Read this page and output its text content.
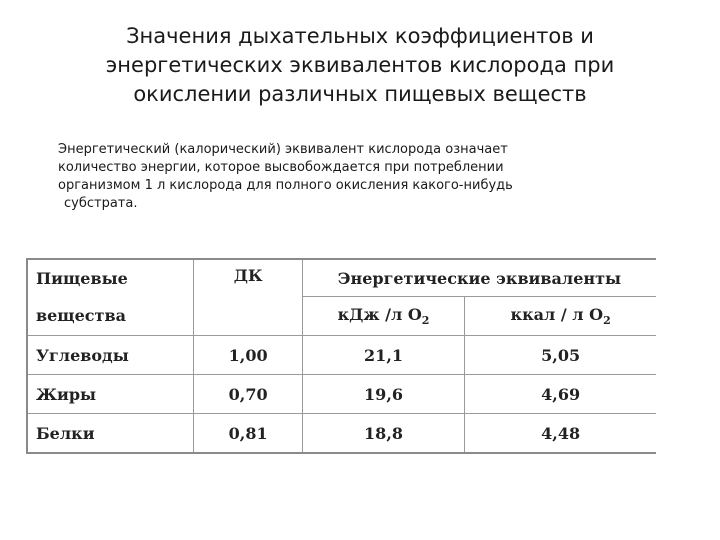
Значения дыхательных коэффициентов и
энергетических эквивалентов кислорода при
окислении различных пищевых веществ
Энергетический (калорический) эквивалент кислорода означает
количество энергии, которое высвобождается при потреблении
организмом 1 л кислорода для полного окисления какого-нибудь
субстрата.
Пищевые	ДК	Энергетические эквиваленты	
вещества		кДж /л $О_2$	ккал / л $О_2$
Углеводы	1,00	21,1	5,05
Жиры	0,70	19,6	4,69
Белки	0,81	18,8	4,48
